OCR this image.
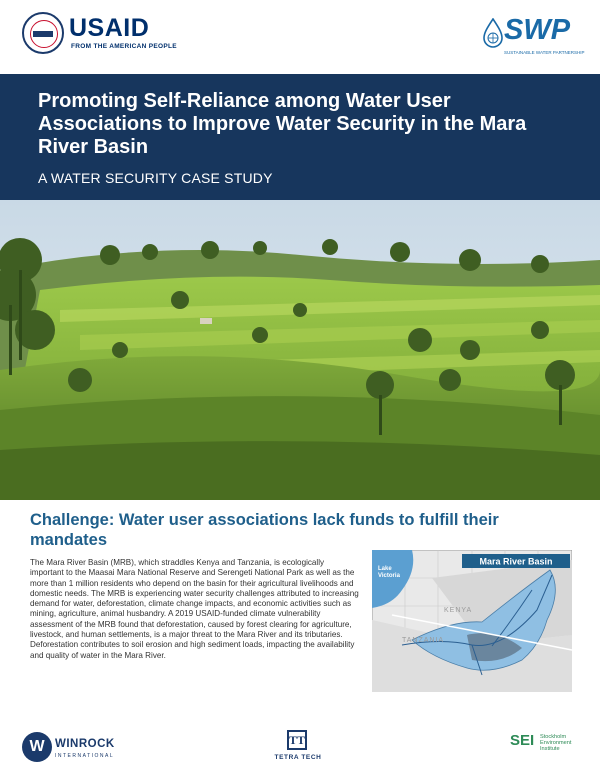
USAID
FROM THE AMERICAN PEOPLE
SWP
SUSTAINABLE WATER PARTNERSHIP
Promoting Self-Reliance among Water User Associations to Improve Water Security in the Mara River Basin
A WATER SECURITY CASE STUDY
Challenge: Water user associations lack funds to fulfill their mandates

The Mara River Basin (MRB), which straddles Kenya and Tanzania, is ecologically important to the Maasai Mara National Reserve and Serengeti National Park as well as the more than 1 million residents who depend on the basin for their agricultural livelihoods and domestic needs. The MRB is experiencing water security challenges attributed to increasing demand for water, deforestation, climate change impacts, and economic activities such as mining, agriculture, animal husbandry. A 2019 USAID-funded climate vulnerability assessment of the MRB found that deforestation, caused by forest clearing for agriculture, livestock, and human settlements, is a major threat to the Mara River and its tributaries. Deforestation contributes to soil erosion and high sediment loads, impacting the availability and quality of water in the Mara River.

Mara River Basin
Lake
Victoria
KENYA
TANZANIA
W WINROCK
INTERNATIONAL
TT
TETRA TECH
SEI Stockholm
Environment
Institute
